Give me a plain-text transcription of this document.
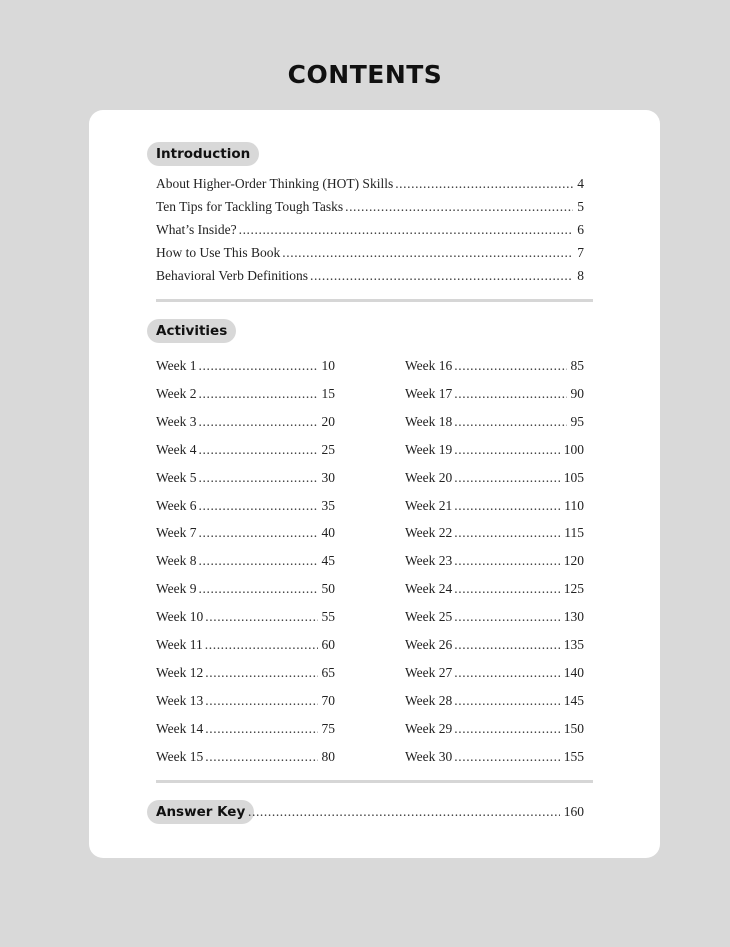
CONTENTS
Introduction
About Higher-Order Thinking (HOT) Skills .....	4
Ten Tips for Tackling Tough Tasks .....	5
What’s Inside? .....	6
How to Use This Book .....	7
Behavioral Verb Definitions .....	8
Activities
Answer Key .....	160
Week 1 .....	10
Week 2 .....	15
Week 3 .....	20
Week 4 .....	25
Week 5 .....	30
Week 6 .....	35
Week 7 .....	40
Week 8 .....	45
Week 9 .....	50
Week 10 .....	55
Week 11 .....	60
Week 12 .....	65
Week 13 .....	70
Week 14 .....	75
Week 15 .....	80
Week 16 .....	85
Week 17 .....	90
Week 18 .....	95
Week 19 .....	100
Week 20 .....	105
Week 21 .....	110
Week 22 .....	115
Week 23 .....	120
Week 24 .....	125
Week 25 .....	130
Week 26 .....	135
Week 27 .....	140
Week 28 .....	145
Week 29 .....	150
Week 30 .....	155
